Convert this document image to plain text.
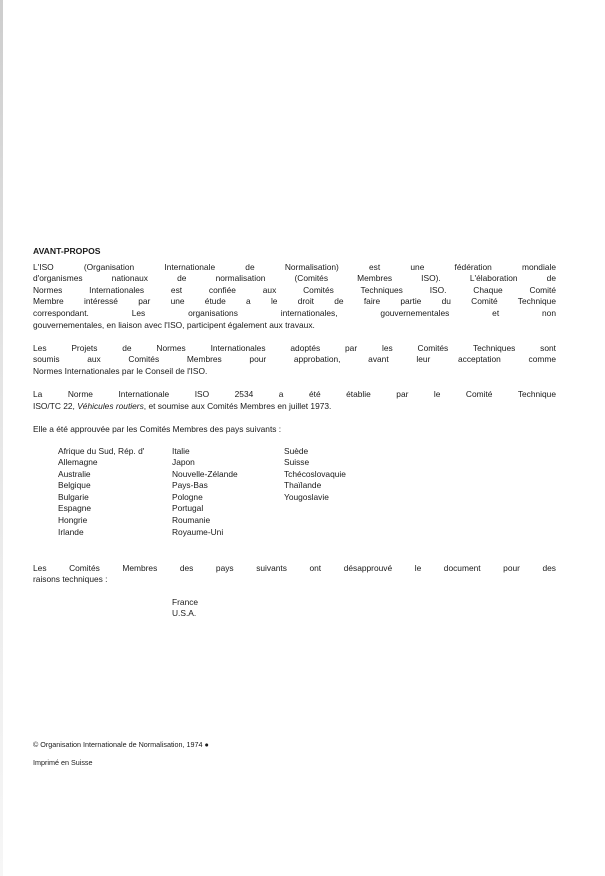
AVANT-PROPOS

L'ISO (Organisation Internationale de Normalisation) est une fédération mondiale
d'organismes nationaux de normalisation (Comités Membres ISO). L'élaboration de
Normes Internationales est confiée aux Comités Techniques ISO. Chaque Comité
Membre intéressé par une étude a le droit de faire partie du Comité Technique
correspondant. Les organisations internationales, gouvernementales et non
gouvernementales, en liaison avec l'ISO, participent également aux travaux.

Les Projets de Normes Internationales adoptés par les Comités Techniques sont
soumis aux Comités Membres pour approbation, avant leur acceptation comme
Normes Internationales par le Conseil de l'ISO.

La Norme Internationale ISO 2534 a été établie par le Comité Technique
ISO/TC 22, Véhicules routiers, et soumise aux Comités Membres en juillet 1973.

Elle a été approuvée par les Comités Membres des pays suivants :

Afrique du Sud, Rép. d'
Allemagne
Australie
Belgique
Bulgarie
Espagne
Hongrie
Irlande
Italie
Japon
Nouvelle-Zélande
Pays-Bas
Pologne
Portugal
Roumanie
Royaume-Uni
Suède
Suisse
Tchécoslovaquie
Thaïlande
Yougoslavie

Les Comités Membres des pays suivants ont désapprouvé le document pour des
raisons techniques :

France
U.S.A.
© Organisation Internationale de Normalisation, 1974 ●
Imprimé en Suisse
